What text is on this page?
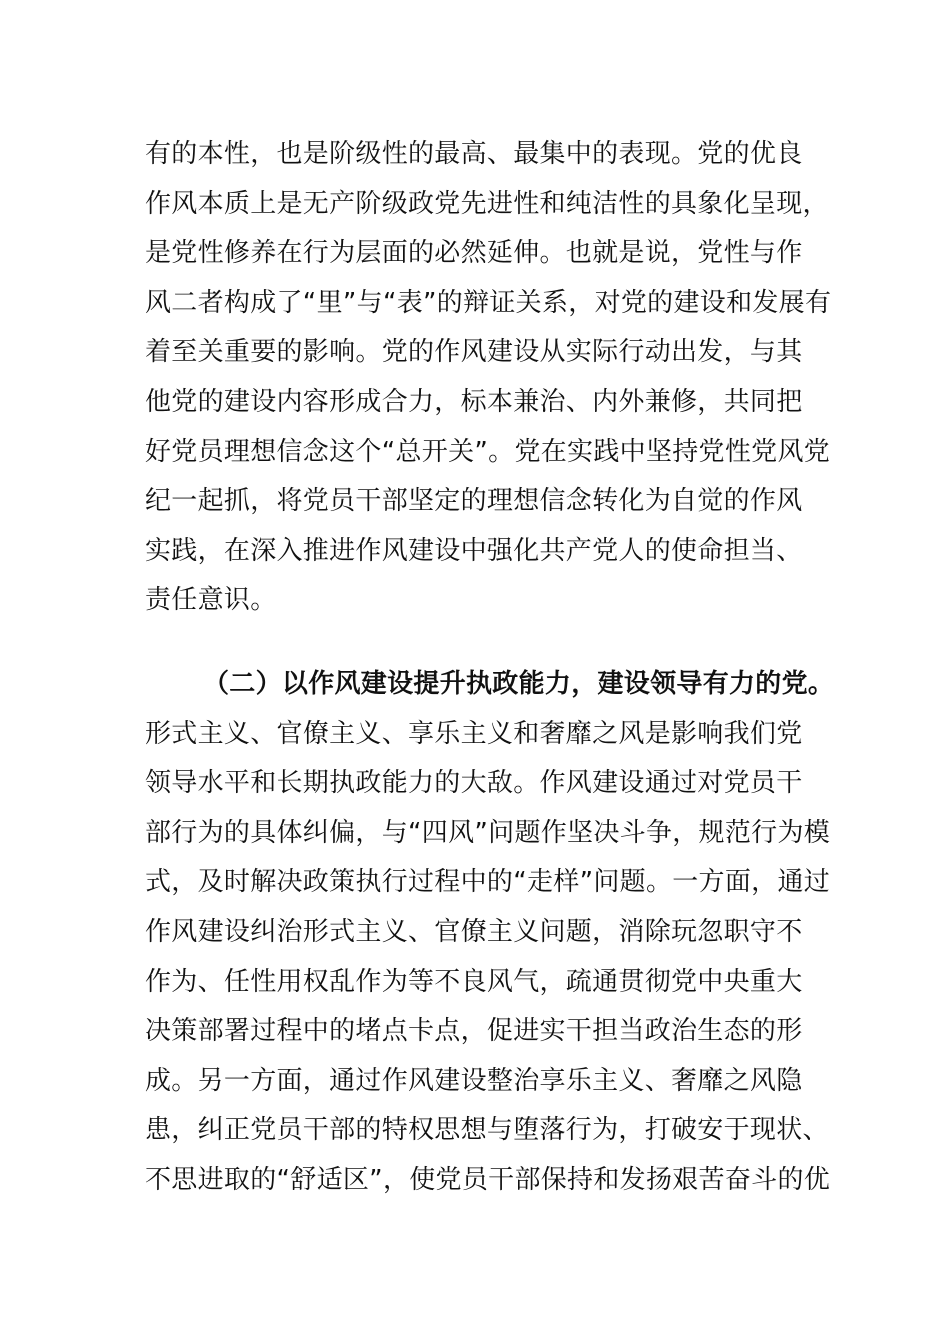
有的本性，也是阶级性的最高、最集中的表现。党的优良
作风本质上是无产阶级政党先进性和纯洁性的具象化呈现，
是党性修养在行为层面的必然延伸。也就是说，党性与作
风二者构成了“里”与“表”的辩证关系，对党的建设和发展有
着至关重要的影响。党的作风建设从实际行动出发，与其
他党的建设内容形成合力，标本兼治、内外兼修，共同把
好党员理想信念这个“总开关”。党在实践中坚持党性党风党
纪一起抓，将党员干部坚定的理想信念转化为自觉的作风
实践，在深入推进作风建设中强化共产党人的使命担当、
责任意识。
（二）以作风建设提升执政能力，建设领导有力的党。
形式主义、官僚主义、享乐主义和奢靡之风是影响我们党
领导水平和长期执政能力的大敌。作风建设通过对党员干
部行为的具体纠偏，与“四风”问题作坚决斗争，规范行为模
式，及时解决政策执行过程中的“走样”问题。一方面，通过
作风建设纠治形式主义、官僚主义问题，消除玩忽职守不
作为、任性用权乱作为等不良风气，疏通贯彻党中央重大
决策部署过程中的堵点卡点，促进实干担当政治生态的形
成。另一方面，通过作风建设整治享乐主义、奢靡之风隐
患，纠正党员干部的特权思想与堕落行为，打破安于现状、
不思进取的“舒适区”，使党员干部保持和发扬艰苦奋斗的优
